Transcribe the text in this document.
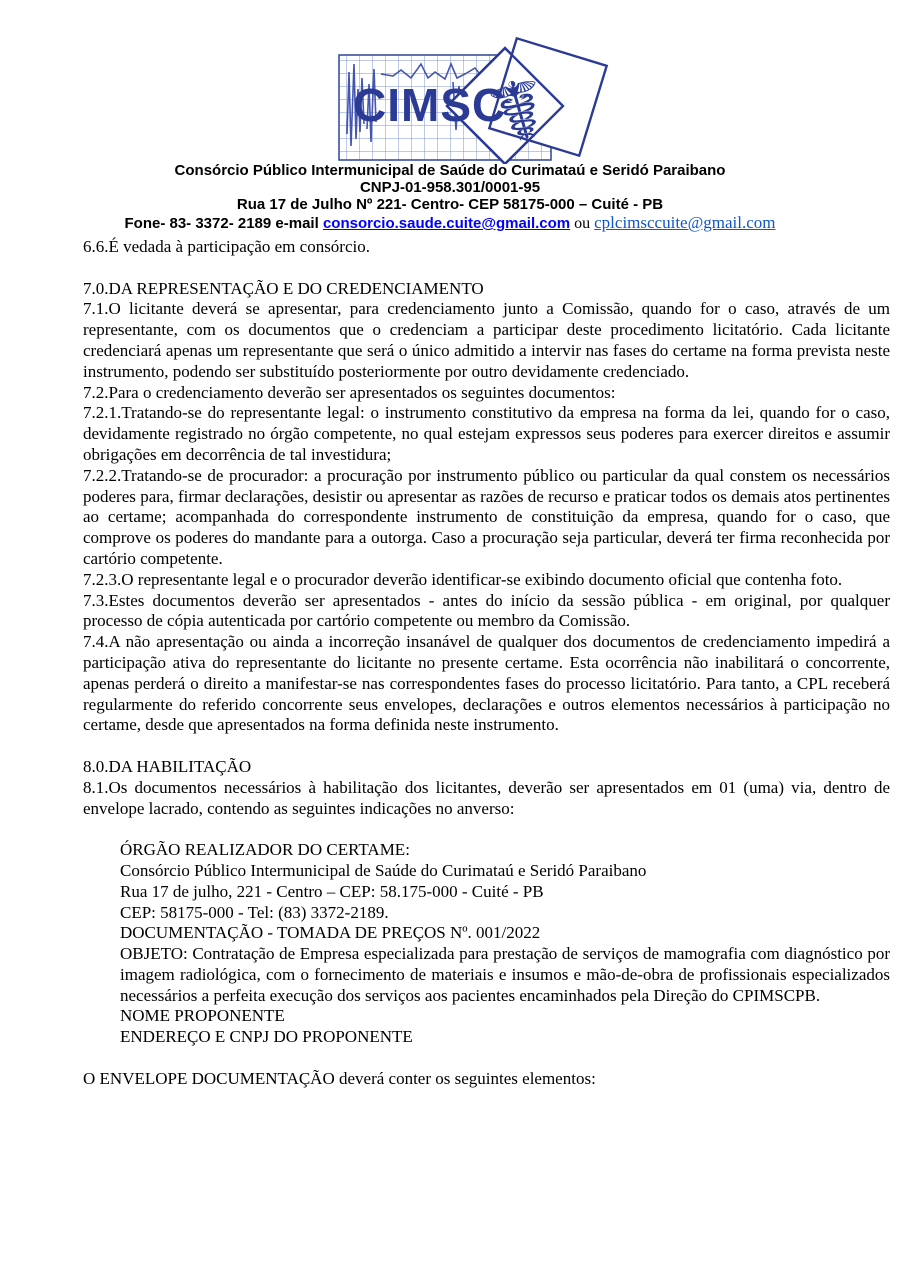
CIMSC
☤
Consórcio Público Intermunicipal de Saúde do Curimataú e Seridó Paraibano
CNPJ-01-958.301/0001-95
Rua 17 de Julho Nº 221- Centro- CEP 58175-000 – Cuité - PB
Fone- 83- 3372- 2189 e-mail consorcio.saude.cuite@gmail.com ou cplcimsccuite@gmail.com

6.6.É vedada à participação em consórcio.

7.0.DA REPRESENTAÇÃO E DO CREDENCIAMENTO

7.1.O licitante deverá se apresentar, para credenciamento junto a Comissão, quando for o caso, através de um representante, com os documentos que o credenciam a participar deste procedimento licitatório. Cada licitante credenciará apenas um representante que será o único admitido a intervir nas fases do certame na forma prevista neste instrumento, podendo ser substituído posteriormente por outro devidamente credenciado.

7.2.Para o credenciamento deverão ser apresentados os seguintes documentos:

7.2.1.Tratando-se do representante legal: o instrumento constitutivo da empresa na forma da lei, quando for o caso, devidamente registrado no órgão competente, no qual estejam expressos seus poderes para exercer direitos e assumir obrigações em decorrência de tal investidura;

7.2.2.Tratando-se de procurador: a procuração por instrumento público ou particular da qual constem os necessários poderes para, firmar declarações, desistir ou apresentar as razões de recurso e praticar todos os demais atos pertinentes ao certame; acompanhada do correspondente instrumento de constituição da empresa, quando for o caso, que comprove os poderes do mandante para a outorga. Caso a procuração seja particular, deverá ter firma reconhecida por cartório competente.

7.2.3.O representante legal e o procurador deverão identificar-se exibindo documento oficial que contenha foto.

7.3.Estes documentos deverão ser apresentados - antes do início da sessão pública - em original, por qualquer processo de cópia autenticada por cartório competente ou membro da Comissão.

7.4.A não apresentação ou ainda a incorreção insanável de qualquer dos documentos de credenciamento impedirá a participação ativa do representante do licitante no presente certame. Esta ocorrência não inabilitará o concorrente, apenas perderá o direito a manifestar-se nas correspondentes fases do processo licitatório. Para tanto, a CPL receberá regularmente do referido concorrente seus envelopes, declarações e outros elementos necessários à participação no certame, desde que apresentados na forma definida neste instrumento.

8.0.DA HABILITAÇÃO

8.1.Os documentos necessários à habilitação dos licitantes, deverão ser apresentados em 01 (uma) via, dentro de envelope lacrado, contendo as seguintes indicações no anverso:

ÓRGÃO REALIZADOR DO CERTAME:

Consórcio Público Intermunicipal de Saúde do Curimataú e Seridó Paraibano

Rua 17 de julho, 221 - Centro – CEP: 58.175-000 - Cuité - PB

CEP: 58175-000 - Tel: (83) 3372-2189.

DOCUMENTAÇÃO - TOMADA DE PREÇOS Nº. 001/2022

OBJETO: Contratação de Empresa especializada para prestação de serviços de mamografia com diagnóstico por imagem radiológica, com o fornecimento de materiais e insumos e mão-de-obra de profissionais especializados necessários a perfeita execução dos serviços aos pacientes encaminhados pela Direção do CPIMSCPB.

NOME PROPONENTE

ENDEREÇO E CNPJ DO PROPONENTE

O ENVELOPE DOCUMENTAÇÃO deverá conter os seguintes elementos:
